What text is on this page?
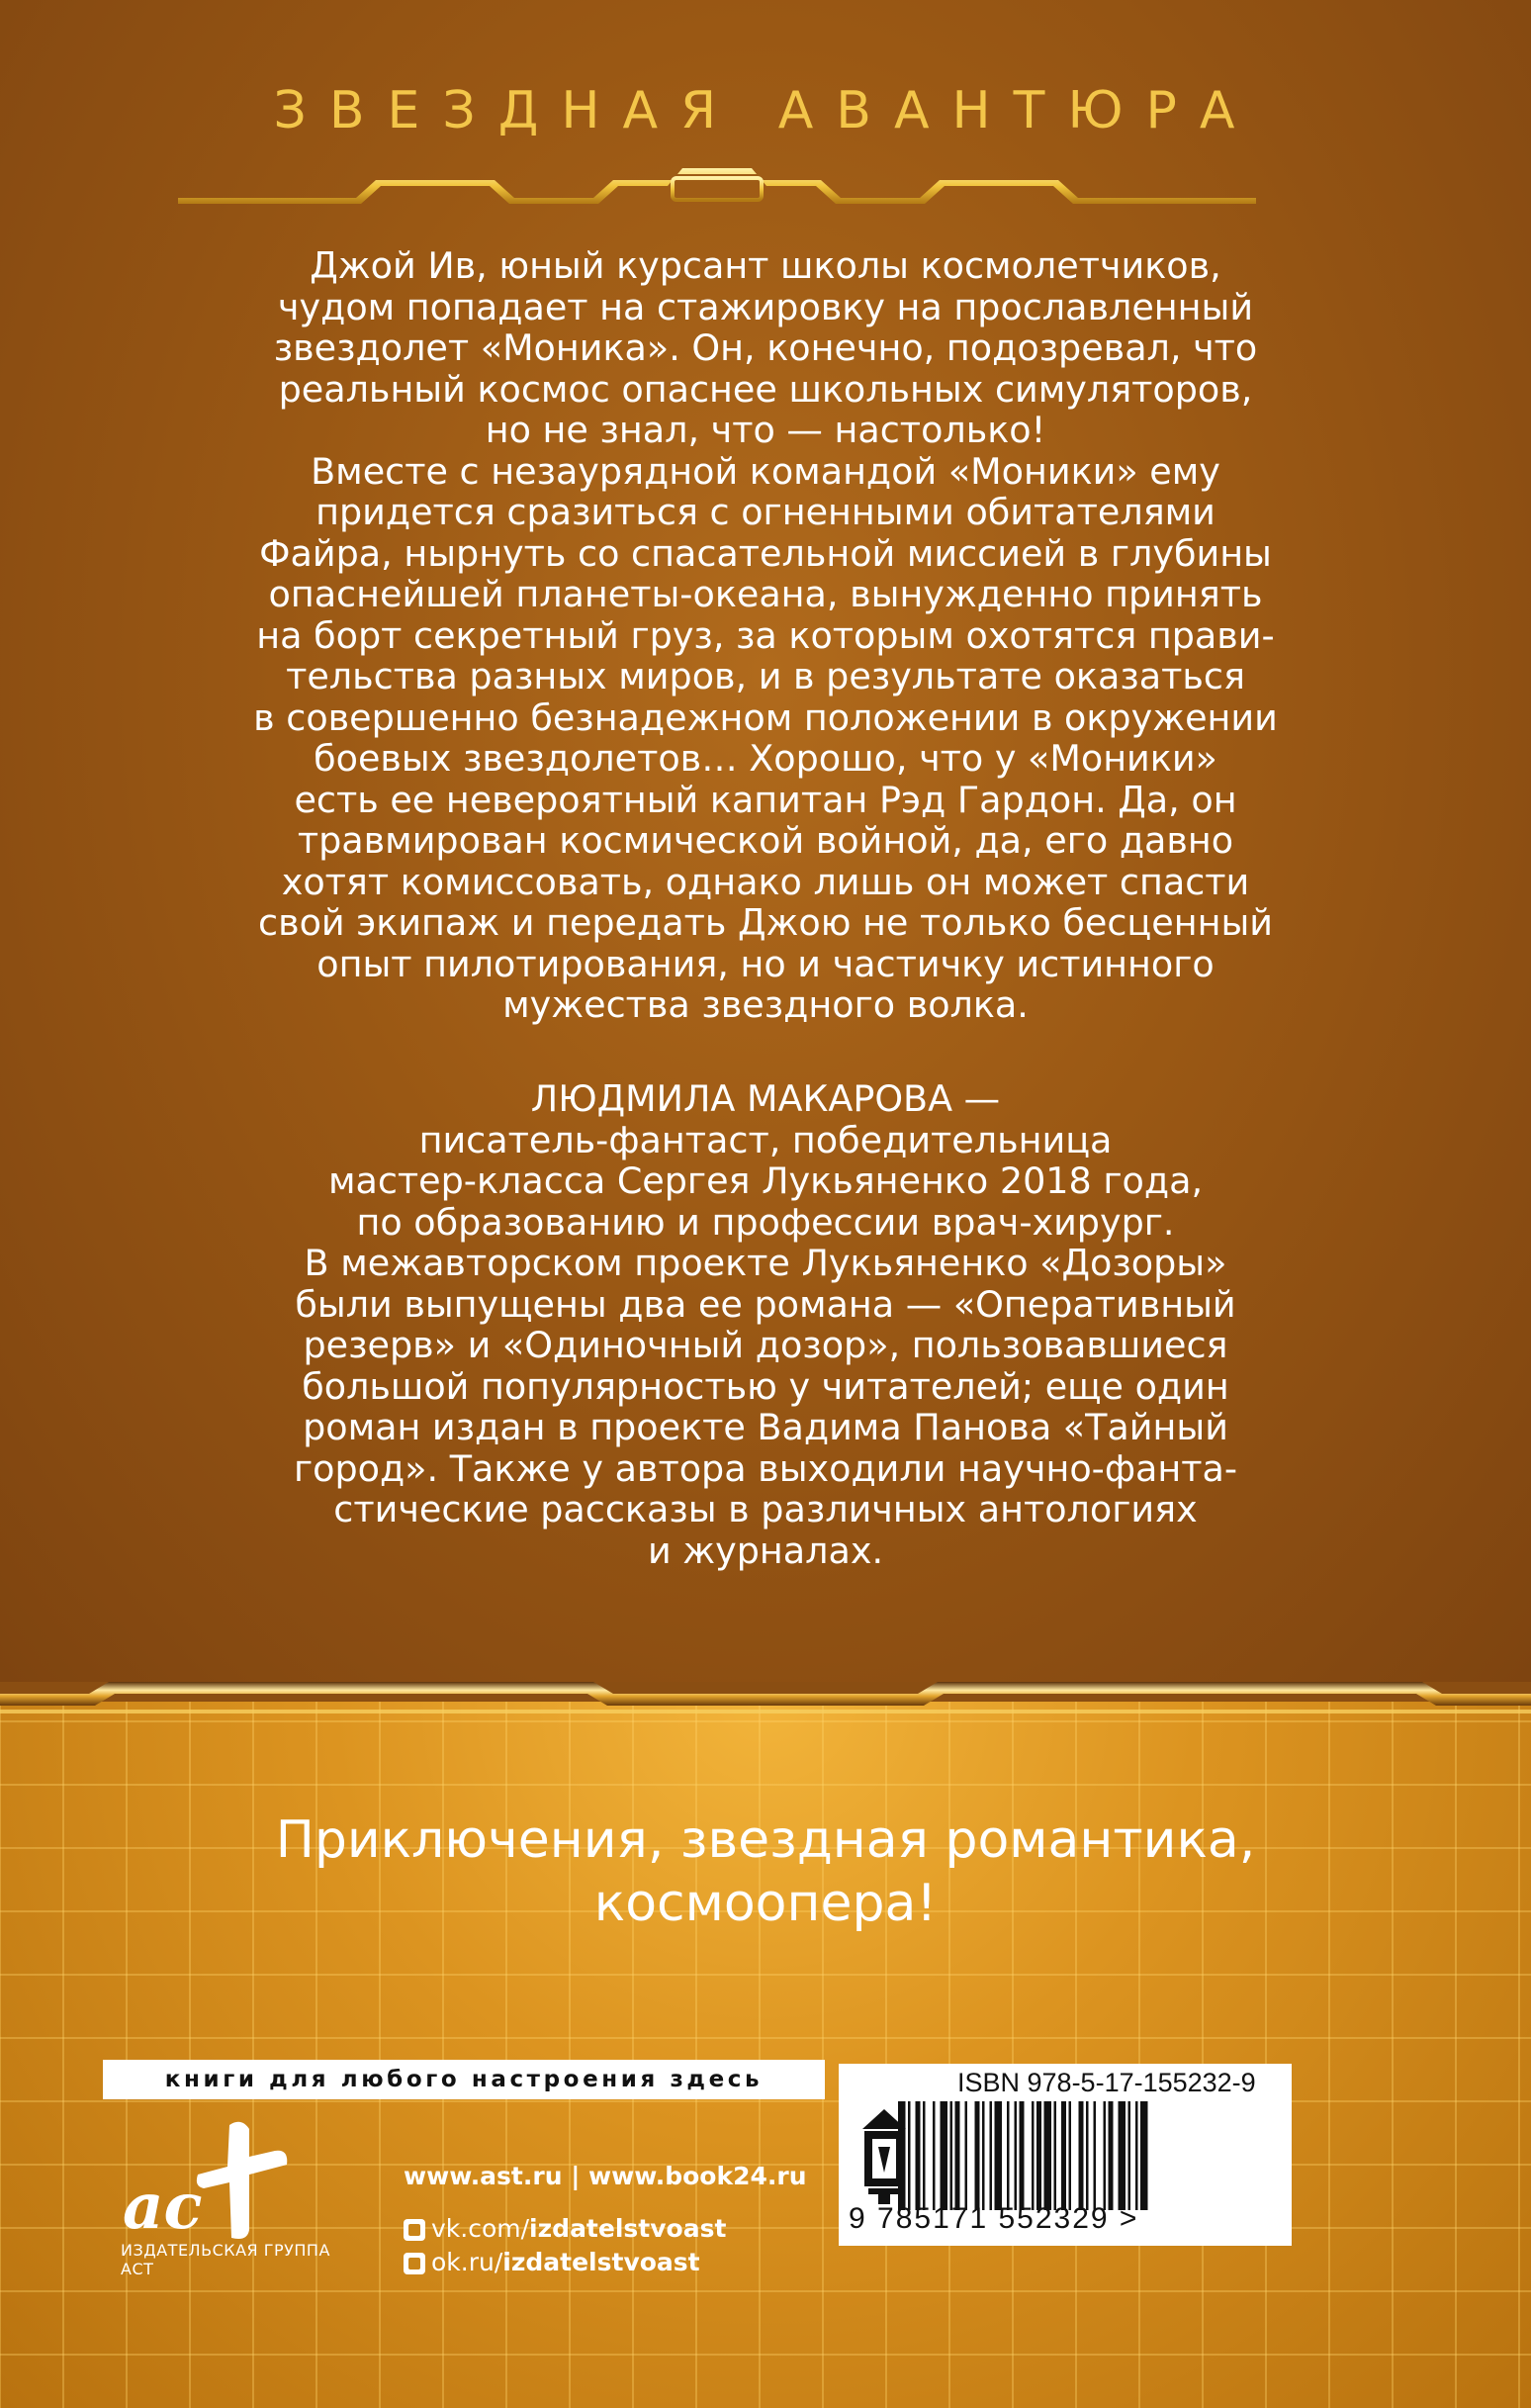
ЗВЕЗДНАЯ АВАНТЮРА
Джой Ив, юный курсант школы космолетчиков,
чудом попадает на стажировку на прославленный
звездолет «Моника». Он, конечно, подозревал, что
реальный космос опаснее школьных симуляторов,
но не знал, что — настолько!
Вместе с незаурядной командой «Моники» ему
придется сразиться с огненными обитателями
Файра, нырнуть со спасательной миссией в глубины
опаснейшей планеты-океана, вынужденно принять
на борт секретный груз, за которым охотятся прави-
тельства разных миров, и в результате оказаться
в совершенно безнадежном положении в окружении
боевых звездолетов… Хорошо, что у «Моники»
есть ее невероятный капитан Рэд Гардон. Да, он
травмирован космической войной, да, его давно
хотят комиссовать, однако лишь он может спасти
свой экипаж и передать Джою не только бесценный
опыт пилотирования, но и частичку истинного
мужества звездного волка.
ЛЮДМИЛА МАКАРОВА —
писатель-фантаст, победительница
мастер-класса Сергея Лукьяненко 2018 года,
по образованию и профессии врач-хирург.
В межавторском проекте Лукьяненко «Дозоры»
были выпущены два ее романа — «Оперативный
резерв» и «Одиночный дозор», пользовавшиеся
большой популярностью у читателей; еще один
роман издан в проекте Вадима Панова «Тайный
город». Также у автора выходили научно-фанта-
стические рассказы в различных антологиях
и журналах.
Приключения, звездная романтика,
космоопера!
книги для любого настроения здесь
ac
ИЗДАТЕЛЬСКАЯ ГРУППА АСТ
www.ast.ru | www.book24.ru
vk.com/izdatelstvoast
ok.ru/izdatelstvoast
ISBN 978-5-17-155232-9
9 785171 552329 >
